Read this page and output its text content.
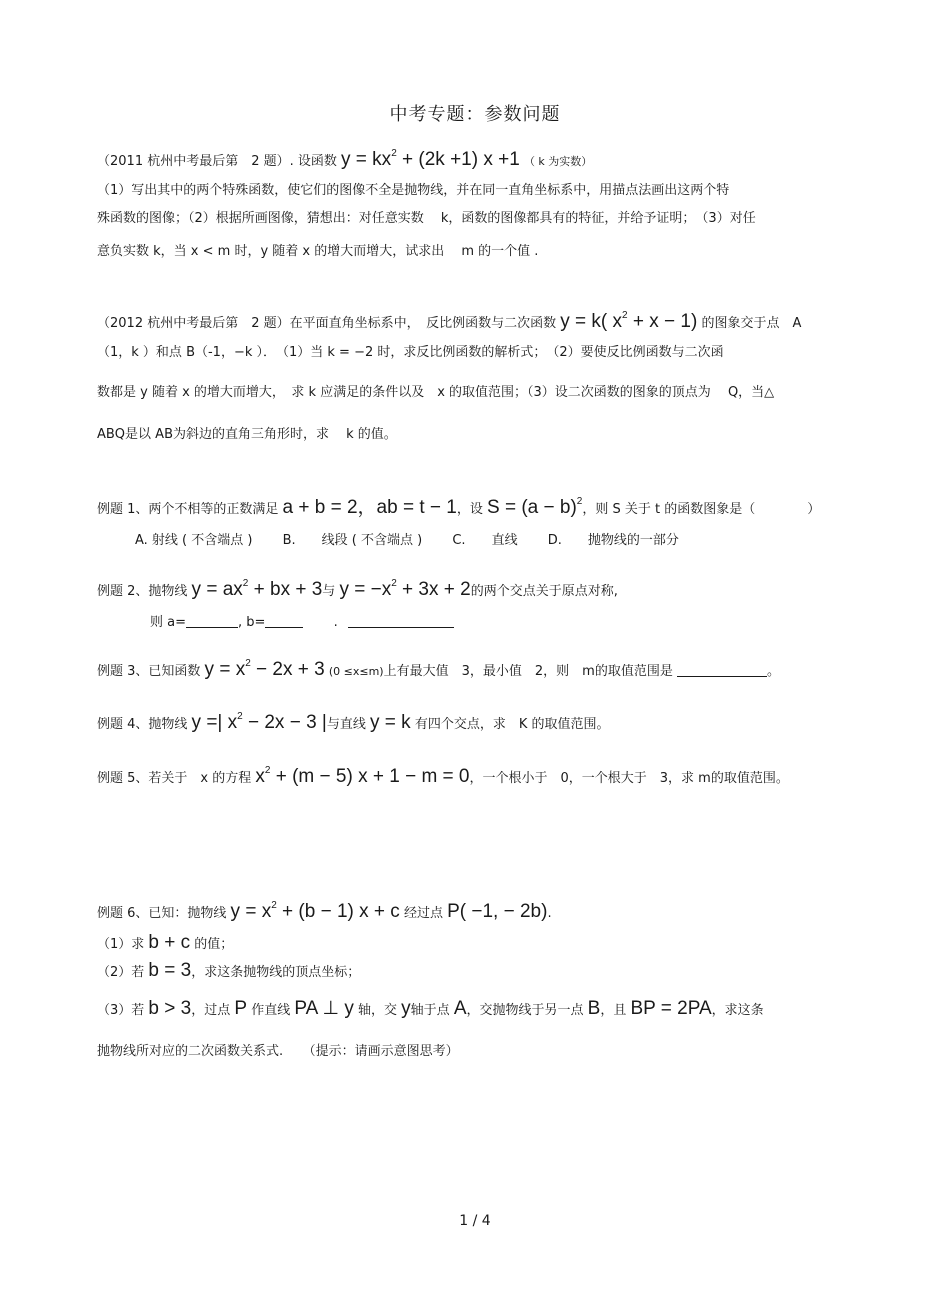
中考专题：参数问题
（2011 杭州中考最后第　2 题）. 设函数 $y = kx^2 + (2k +1)$ x +1 （ k 为实数）
（1）写出其中的两个特殊函数，使它们的图像不全是抛物线，并在同一直角坐标系中，用描点法画出这两个特
殊函数的图像；（2）根据所画图像，猜想出：对任意实数　 k，函数的图像都具有的特征，并给予证明；　（3）对任
意负实数 k，当 x < m 时，y 随着 x 的增大而增大，试求出　 m 的一个值 .
（2012 杭州中考最后第　2 题）在平面直角坐标系中，　反比例函数与二次函数 y = k( $x^2 + x - 1$) 的图象交于点　A
（1，k ）和点 B（-1，−k ）．　（1）当 k = −2 时，求反比例函数的解析式；　（2）要使反比例函数与二次函
数都是 y 随着 x 的增大而增大，　求 k 应满足的条件以及　x 的取值范围；（3）设二次函数的图象的顶点为　 Q，当△
ABQ是以 AB为斜边的直角三角形时，求　 k 的值。
例题 1、两个不相等的正数满足 a + b = 2，ab = t − 1，设 $S = (a - b)^2$，则 S 关于 t 的函数图象是（　　　　）
A. 射线 ( 不含端点 ) B.　　线段 ( 不含端点 ) C.　　直线 D.　　抛物线的一部分
例题 2、抛物线 $y = ax^2$ + bx + 3与 $y = -x^2 + 3x + 2$的两个交点关于原点对称,
则 a=	, b=	.
例题 3、已知函数 $y = x^2 - 2x + 3$ (0 ≤x≤m)上有最大值　3，最小值　2，则　m的取值范围是	。
例题 4、抛物线 y =| $x^2 - 2x - 3$ |与直线 y = k 有四个交点，求　K 的取值范围。
例题 5、若关于　x 的方程 $x^2 + (m - 5) x + 1 - m = 0$，一个根小于　0，一个根大于　3，求 m的取值范围。
例题 6、已知：抛物线 $y = x^2 + (b - 1) x + c$ 经过点 P( −1, − 2b).
（1）求 b + c 的值；
（2）若 b = 3，求这条抛物线的顶点坐标；
（3）若 b > 3，过点 P 作直线 PA ⊥ y 轴，交 y轴于点 A，交抛物线于另一点 B，且 BP = 2PA，求这条
抛物线所对应的二次函数关系式.　　（提示：请画示意图思考）
1 / 4
